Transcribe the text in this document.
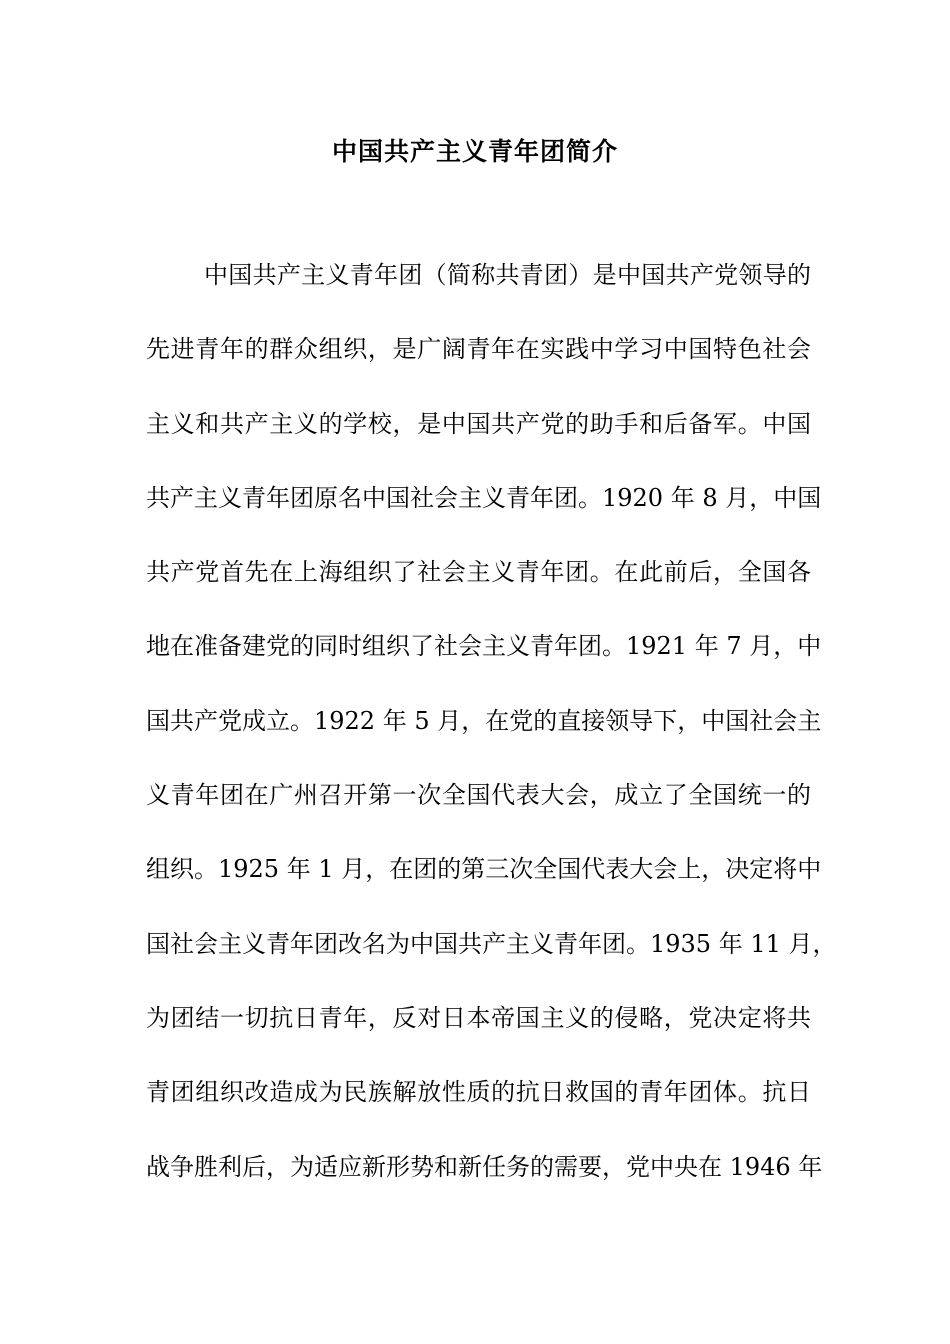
中国共产主义青年团简介
中国共产主义青年团（简称共青团）是中国共产党领导的
先进青年的群众组织，是广阔青年在实践中学习中国特色社会
主义和共产主义的学校，是中国共产党的助手和后备军。中国
共产主义青年团原名中国社会主义青年团。1920 年 8 月，中国
共产党首先在上海组织了社会主义青年团。在此前后，全国各
地在准备建党的同时组织了社会主义青年团。1921 年 7 月，中
国共产党成立。1922 年 5 月，在党的直接领导下，中国社会主
义青年团在广州召开第一次全国代表大会，成立了全国统一的
组织。1925 年 1 月，在团的第三次全国代表大会上，决定将中
国社会主义青年团改名为中国共产主义青年团。1935 年 11 月，
为团结一切抗日青年，反对日本帝国主义的侵略，党决定将共
青团组织改造成为民族解放性质的抗日救国的青年团体。抗日
战争胜利后，为适应新形势和新任务的需要，党中央在 1946 年
